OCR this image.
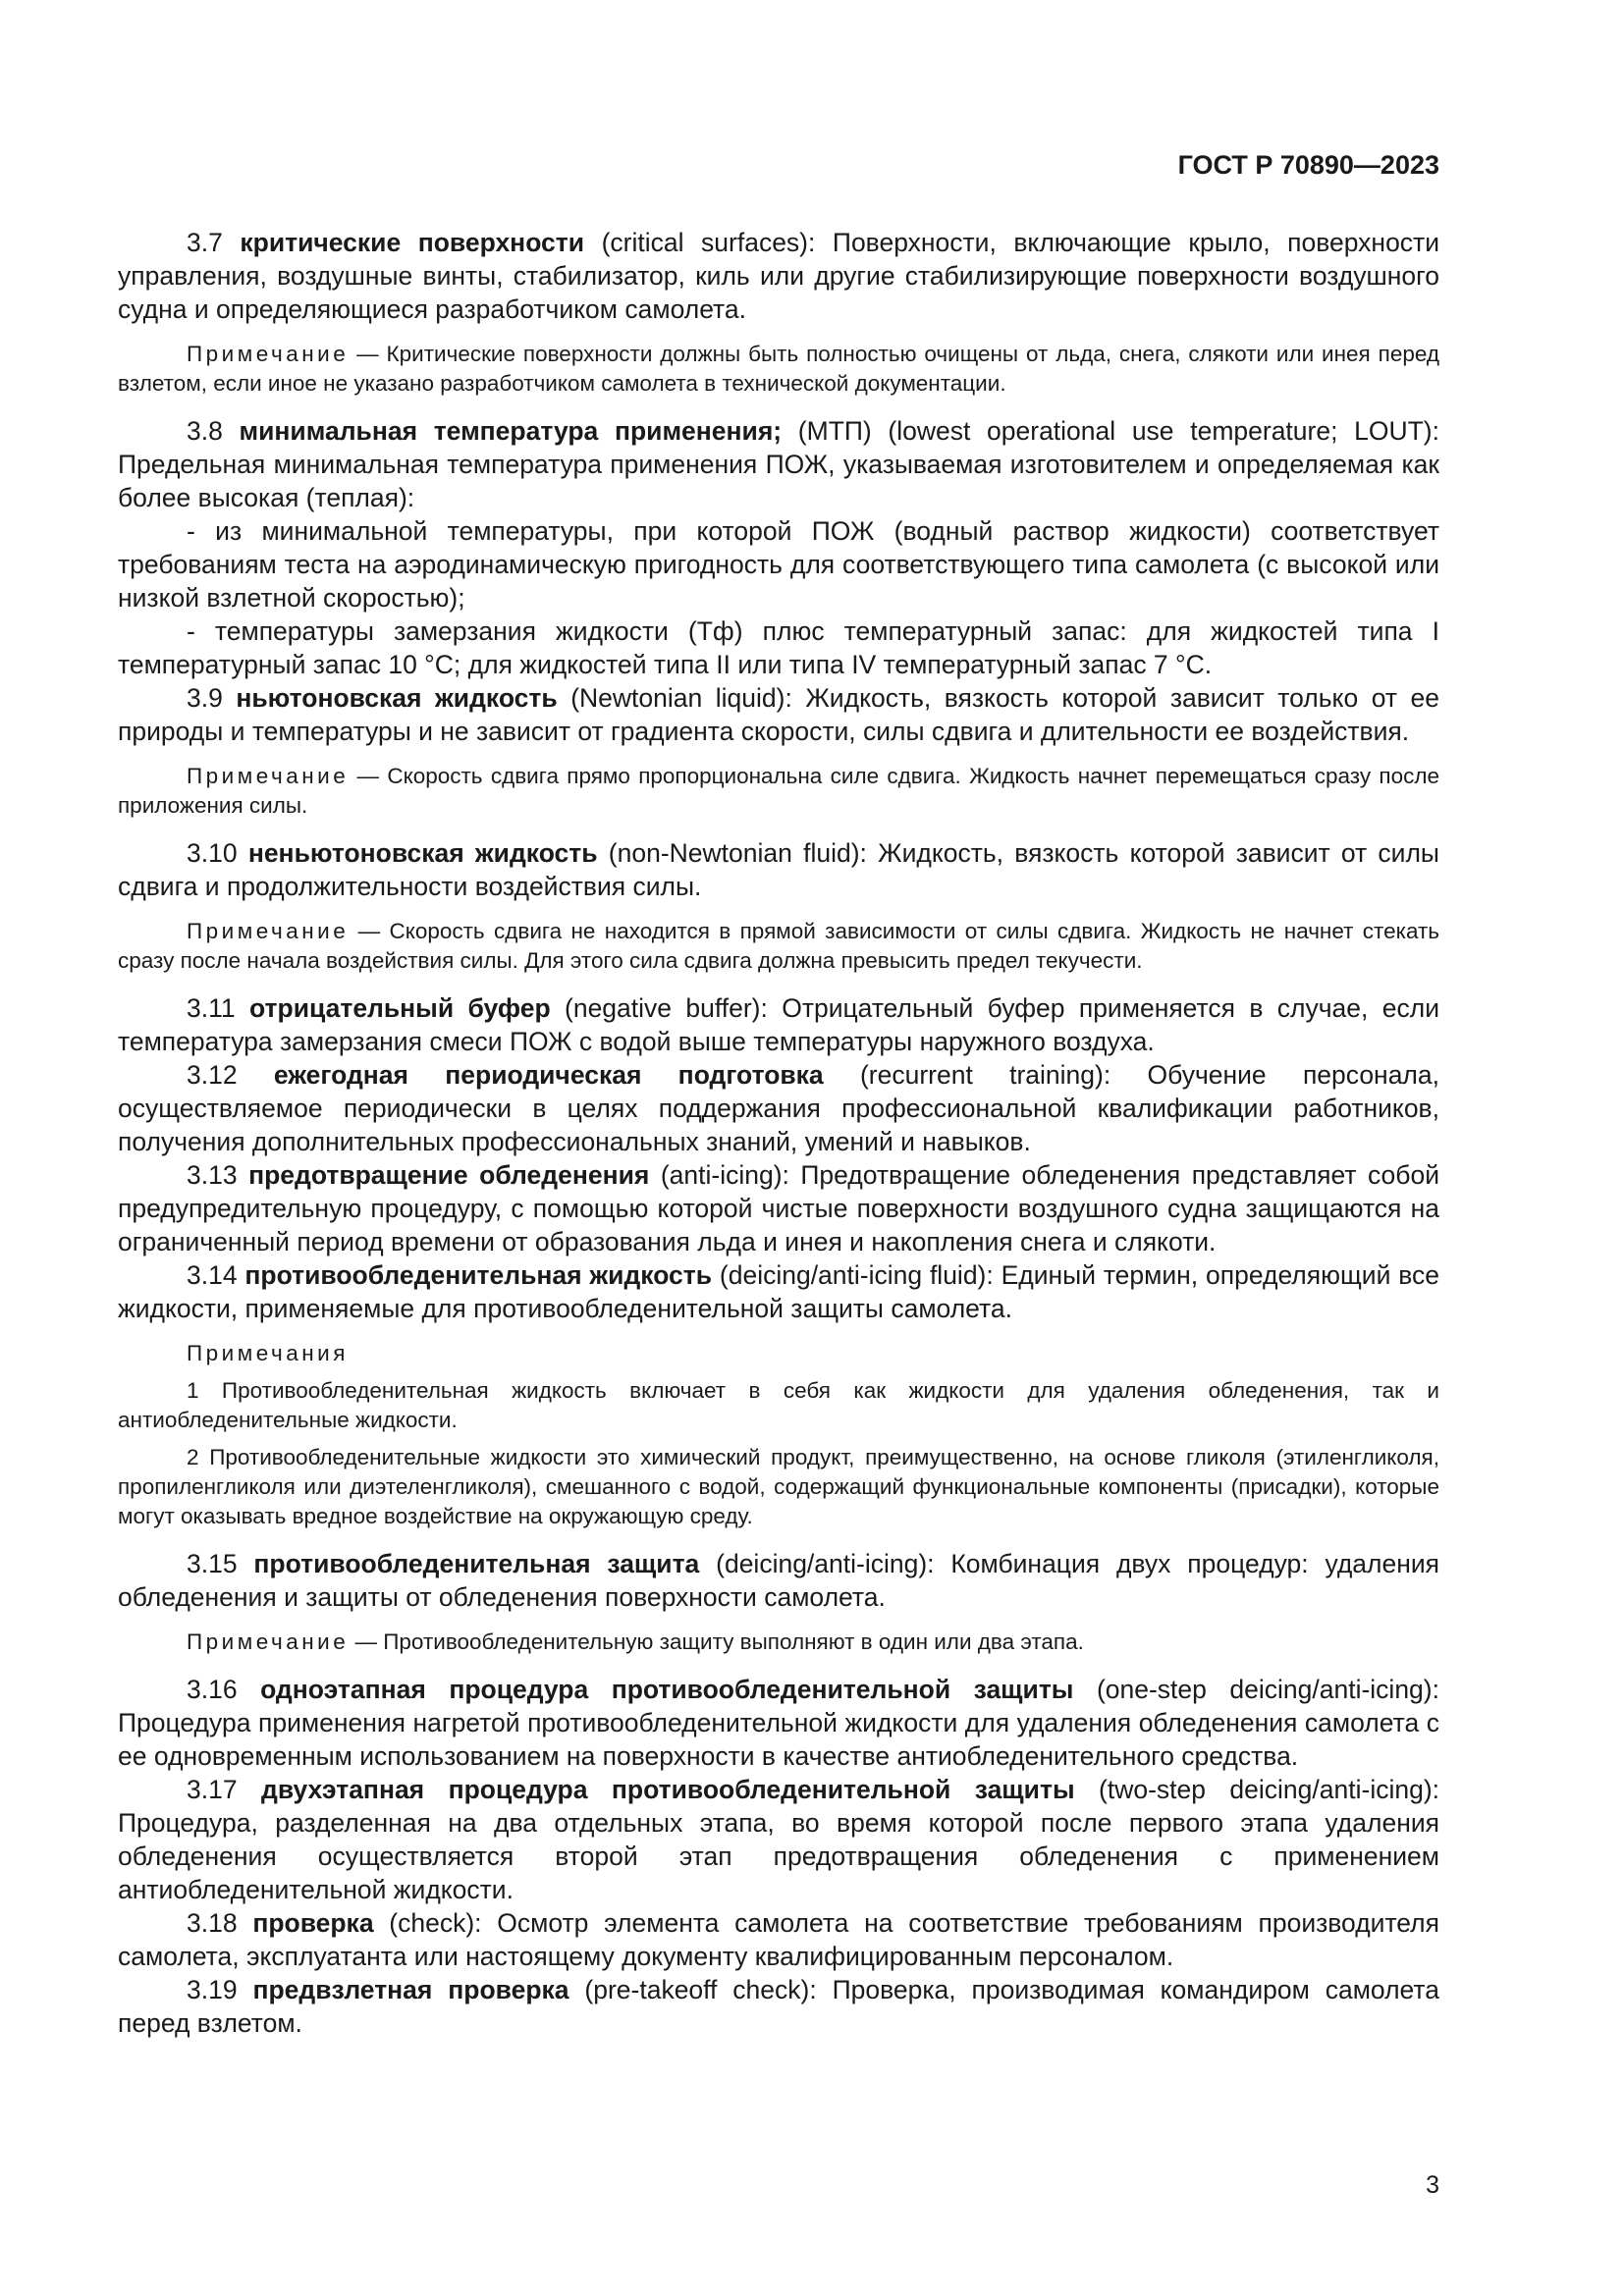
ГОСТ Р 70890—2023

3.7 критические поверхности (critical surfaces): Поверхности, включающие крыло, поверхности управления, воздушные винты, стабилизатор, киль или другие стабилизирующие поверхности воздушного судна и определяющиеся разработчиком самолета.

Примечание — Критические поверхности должны быть полностью очищены от льда, снега, слякоти или инея перед взлетом, если иное не указано разработчиком самолета в технической документации.

3.8 минимальная температура применения; (МТП) (lowest operational use temperature; LOUT): Предельная минимальная температура применения ПОЖ, указываемая изготовителем и определяемая как более высокая (теплая):

- из минимальной температуры, при которой ПОЖ (водный раствор жидкости) соответствует требованиям теста на аэродинамическую пригодность для соответствующего типа самолета (с высокой или низкой взлетной скоростью);

- температуры замерзания жидкости (Тф) плюс температурный запас: для жидкостей типа I температурный запас 10 °С; для жидкостей типа II или типа IV температурный запас 7 °С.

3.9 ньютоновская жидкость (Newtonian liquid): Жидкость, вязкость которой зависит только от ее природы и температуры и не зависит от градиента скорости, силы сдвига и длительности ее воздействия.

Примечание — Скорость сдвига прямо пропорциональна силе сдвига. Жидкость начнет перемещаться сразу после приложения силы.

3.10 неньютоновская жидкость (non-Newtonian fluid): Жидкость, вязкость которой зависит от силы сдвига и продолжительности воздействия силы.

Примечание — Скорость сдвига не находится в прямой зависимости от силы сдвига. Жидкость не начнет стекать сразу после начала воздействия силы. Для этого сила сдвига должна превысить предел текучести.

3.11 отрицательный буфер (negative buffer): Отрицательный буфер применяется в случае, если температура замерзания смеси ПОЖ с водой выше температуры наружного воздуха.

3.12 ежегодная периодическая подготовка (recurrent training): Обучение персонала, осуществляемое периодически в целях поддержания профессиональной квалификации работников, получения дополнительных профессиональных знаний, умений и навыков.

3.13 предотвращение обледенения (anti-icing): Предотвращение обледенения представляет собой предупредительную процедуру, с помощью которой чистые поверхности воздушного судна защищаются на ограниченный период времени от образования льда и инея и накопления снега и слякоти.

3.14 противообледенительная жидкость (deicing/anti-icing fluid): Единый термин, определяющий все жидкости, применяемые для противообледенительной защиты самолета.

Примечания

1 Противообледенительная жидкость включает в себя как жидкости для удаления обледенения, так и антиобледенительные жидкости.

2 Противообледенительные жидкости это химический продукт, преимущественно, на основе гликоля (этиленгликоля, пропиленгликоля или диэтеленгликоля), смешанного с водой, содержащий функциональные компоненты (присадки), которые могут оказывать вредное воздействие на окружающую среду.

3.15 противообледенительная защита (deicing/anti-icing): Комбинация двух процедур: удаления обледенения и защиты от обледенения поверхности самолета.

Примечание — Противообледенительную защиту выполняют в один или два этапа.

3.16 одноэтапная процедура противообледенительной защиты (one-step deicing/anti-icing): Процедура применения нагретой противообледенительной жидкости для удаления обледенения самолета с ее одновременным использованием на поверхности в качестве антиобледенительного средства.

3.17 двухэтапная процедура противообледенительной защиты (two-step deicing/anti-icing): Процедура, разделенная на два отдельных этапа, во время которой после первого этапа удаления обледенения осуществляется второй этап предотвращения обледенения с применением антиобледенительной жидкости.

3.18 проверка (check): Осмотр элемента самолета на соответствие требованиям производителя самолета, эксплуатанта или настоящему документу квалифицированным персоналом.

3.19 предвзлетная проверка (pre-takeoff check): Проверка, производимая командиром самолета перед взлетом.

3
